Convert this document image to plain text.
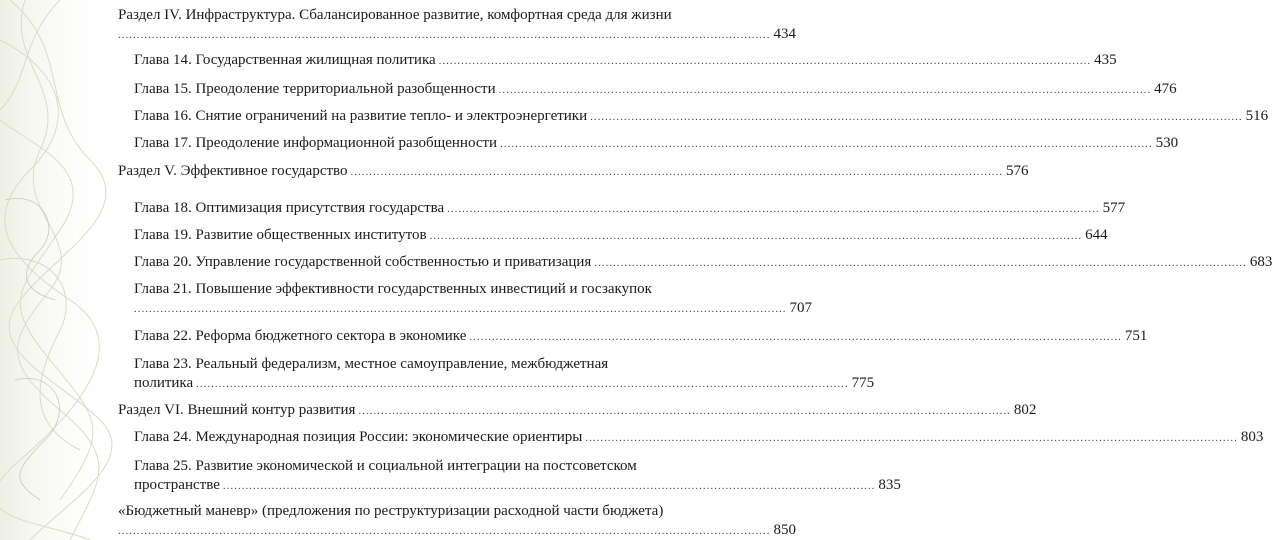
Раздел IV. Инфраструктура. Сбалансированное развитие, комфортная среда для жизни
.............................................................................................................................................................................. 434
Глава 14. Государственная жилищная политика .............................................................................................................................................................................. 435
Глава 15. Преодоление территориальной разобщенности .............................................................................................................................................................................. 476
Глава 16. Снятие ограничений на развитие тепло- и электроэнергетики .............................................................................................................................................................................. 516
Глава 17. Преодоление информационной разобщенности .............................................................................................................................................................................. 530
Раздел V. Эффективное государство .............................................................................................................................................................................. 576
Глава 18. Оптимизация присутствия государства .............................................................................................................................................................................. 577
Глава 19. Развитие общественных институтов .............................................................................................................................................................................. 644
Глава 20. Управление государственной собственностью и приватизация .............................................................................................................................................................................. 683
Глава 21. Повышение эффективности государственных инвестиций и госзакупок
.............................................................................................................................................................................. 707
Глава 22. Реформа бюджетного сектора в экономике .............................................................................................................................................................................. 751
Глава 23. Реальный федерализм, местное самоуправление, межбюджетная
политика .............................................................................................................................................................................. 775
Раздел VI. Внешний контур развития .............................................................................................................................................................................. 802
Глава 24. Международная позиция России: экономические ориентиры .............................................................................................................................................................................. 803
Глава 25. Развитие экономической и социальной интеграции на постсоветском
пространстве .............................................................................................................................................................................. 835
«Бюджетный маневр» (предложения по реструктуризации расходной части бюджета)
.............................................................................................................................................................................. 850
